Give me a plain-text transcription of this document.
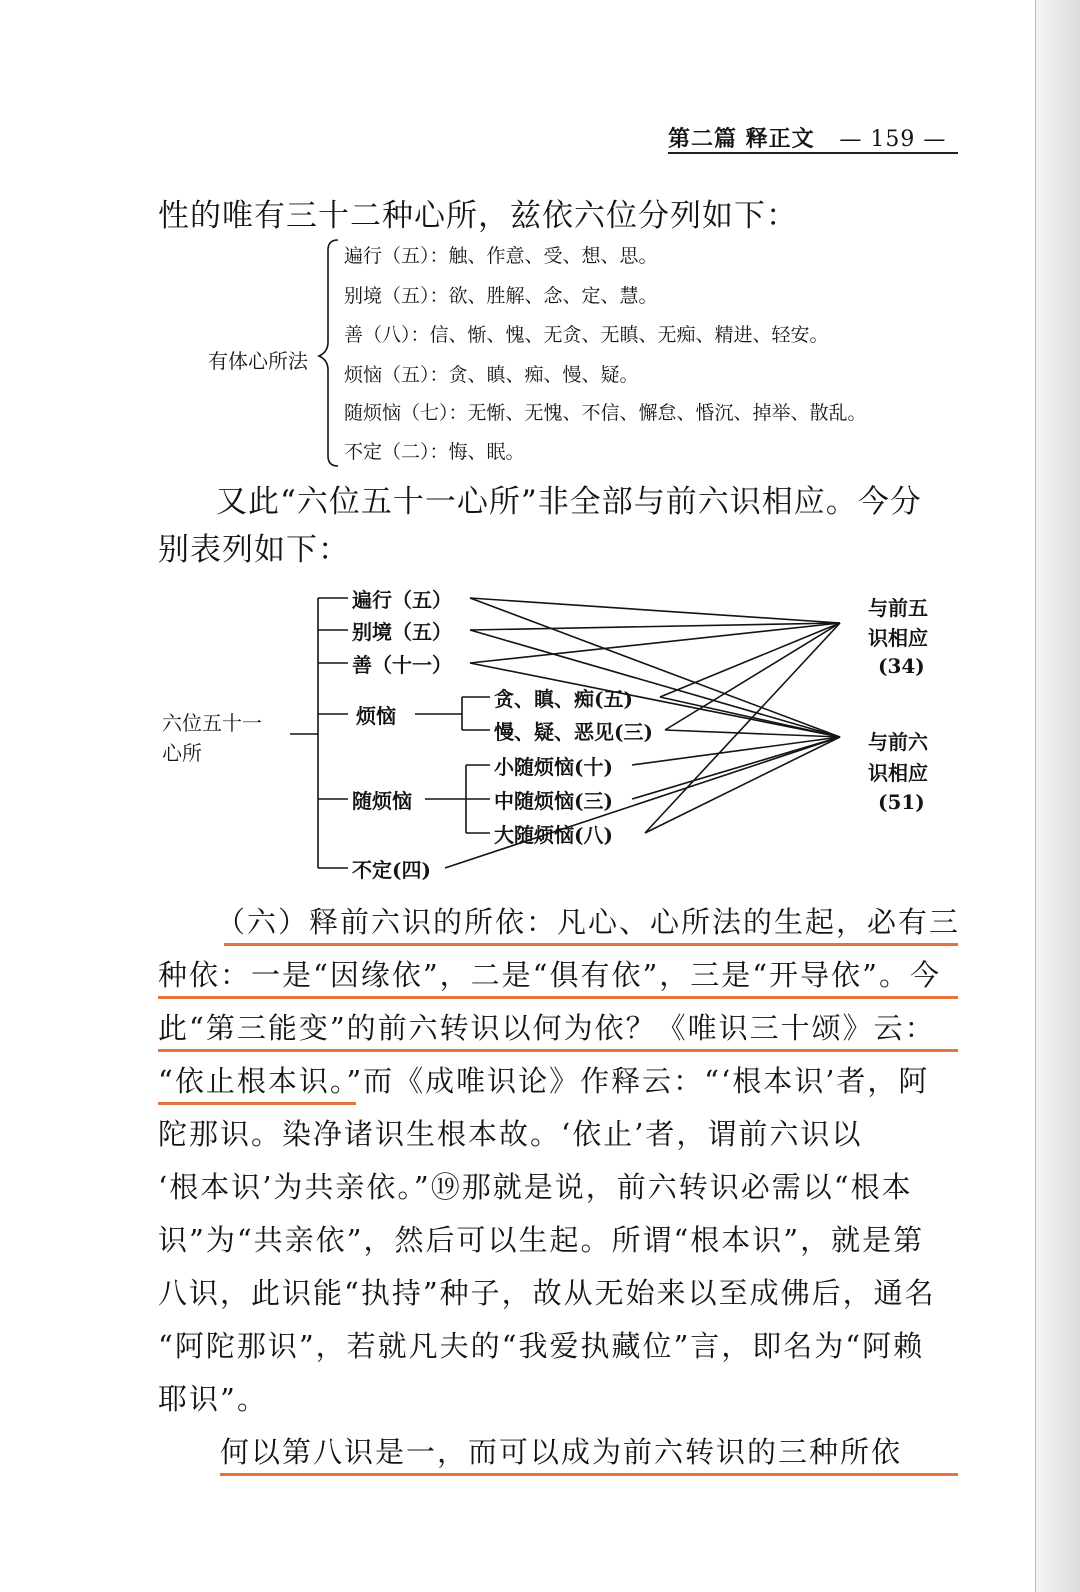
第二篇 释正文 — 159 —
性的唯有三十二种心所，兹依六位分列如下：
有体心所法
遍行（五）：触、作意、受、想、思。
别境（五）：欲、胜解、念、定、慧。
善（八）：信、惭、愧、无贪、无瞋、无痴、精进、轻安。
烦恼（五）：贪、瞋、痴、慢、疑。
随烦恼（七）：无惭、无愧、不信、懈怠、惛沉、掉举、散乱。
不定（二）：悔、眠。
又此“六位五十一心所”非全部与前六识相应。今分
别表列如下：
六位五十一
心所
遍行（五）
别境（五）
善（十一）
烦恼
随烦恼
不定(四)
贪、瞋、痴(五)
慢、疑、恶见(三)
小随烦恼(十)
中随烦恼(三)
大随烦恼(八)
与前五
识相应
(34)
与前六
识相应
(51)
（六）释前六识的所依：凡心、心所法的生起，必有三
种依：一是“因缘依”，二是“俱有依”，三是“开导依”。今
此“第三能变”的前六转识以何为依？《唯识三十颂》云：
“依止根本识。”而《成唯识论》作释云：“‘根本识’者，阿
陀那识。染净诸识生根本故。‘依止’者，谓前六识以
‘根本识’为共亲依。”⑲那就是说，前六转识必需以“根本
识”为“共亲依”，然后可以生起。所谓“根本识”，就是第
八识，此识能“执持”种子，故从无始来以至成佛后，通名
“阿陀那识”，若就凡夫的“我爱执藏位”言，即名为“阿赖
耶识”。
何以第八识是一，而可以成为前六转识的三种所依
